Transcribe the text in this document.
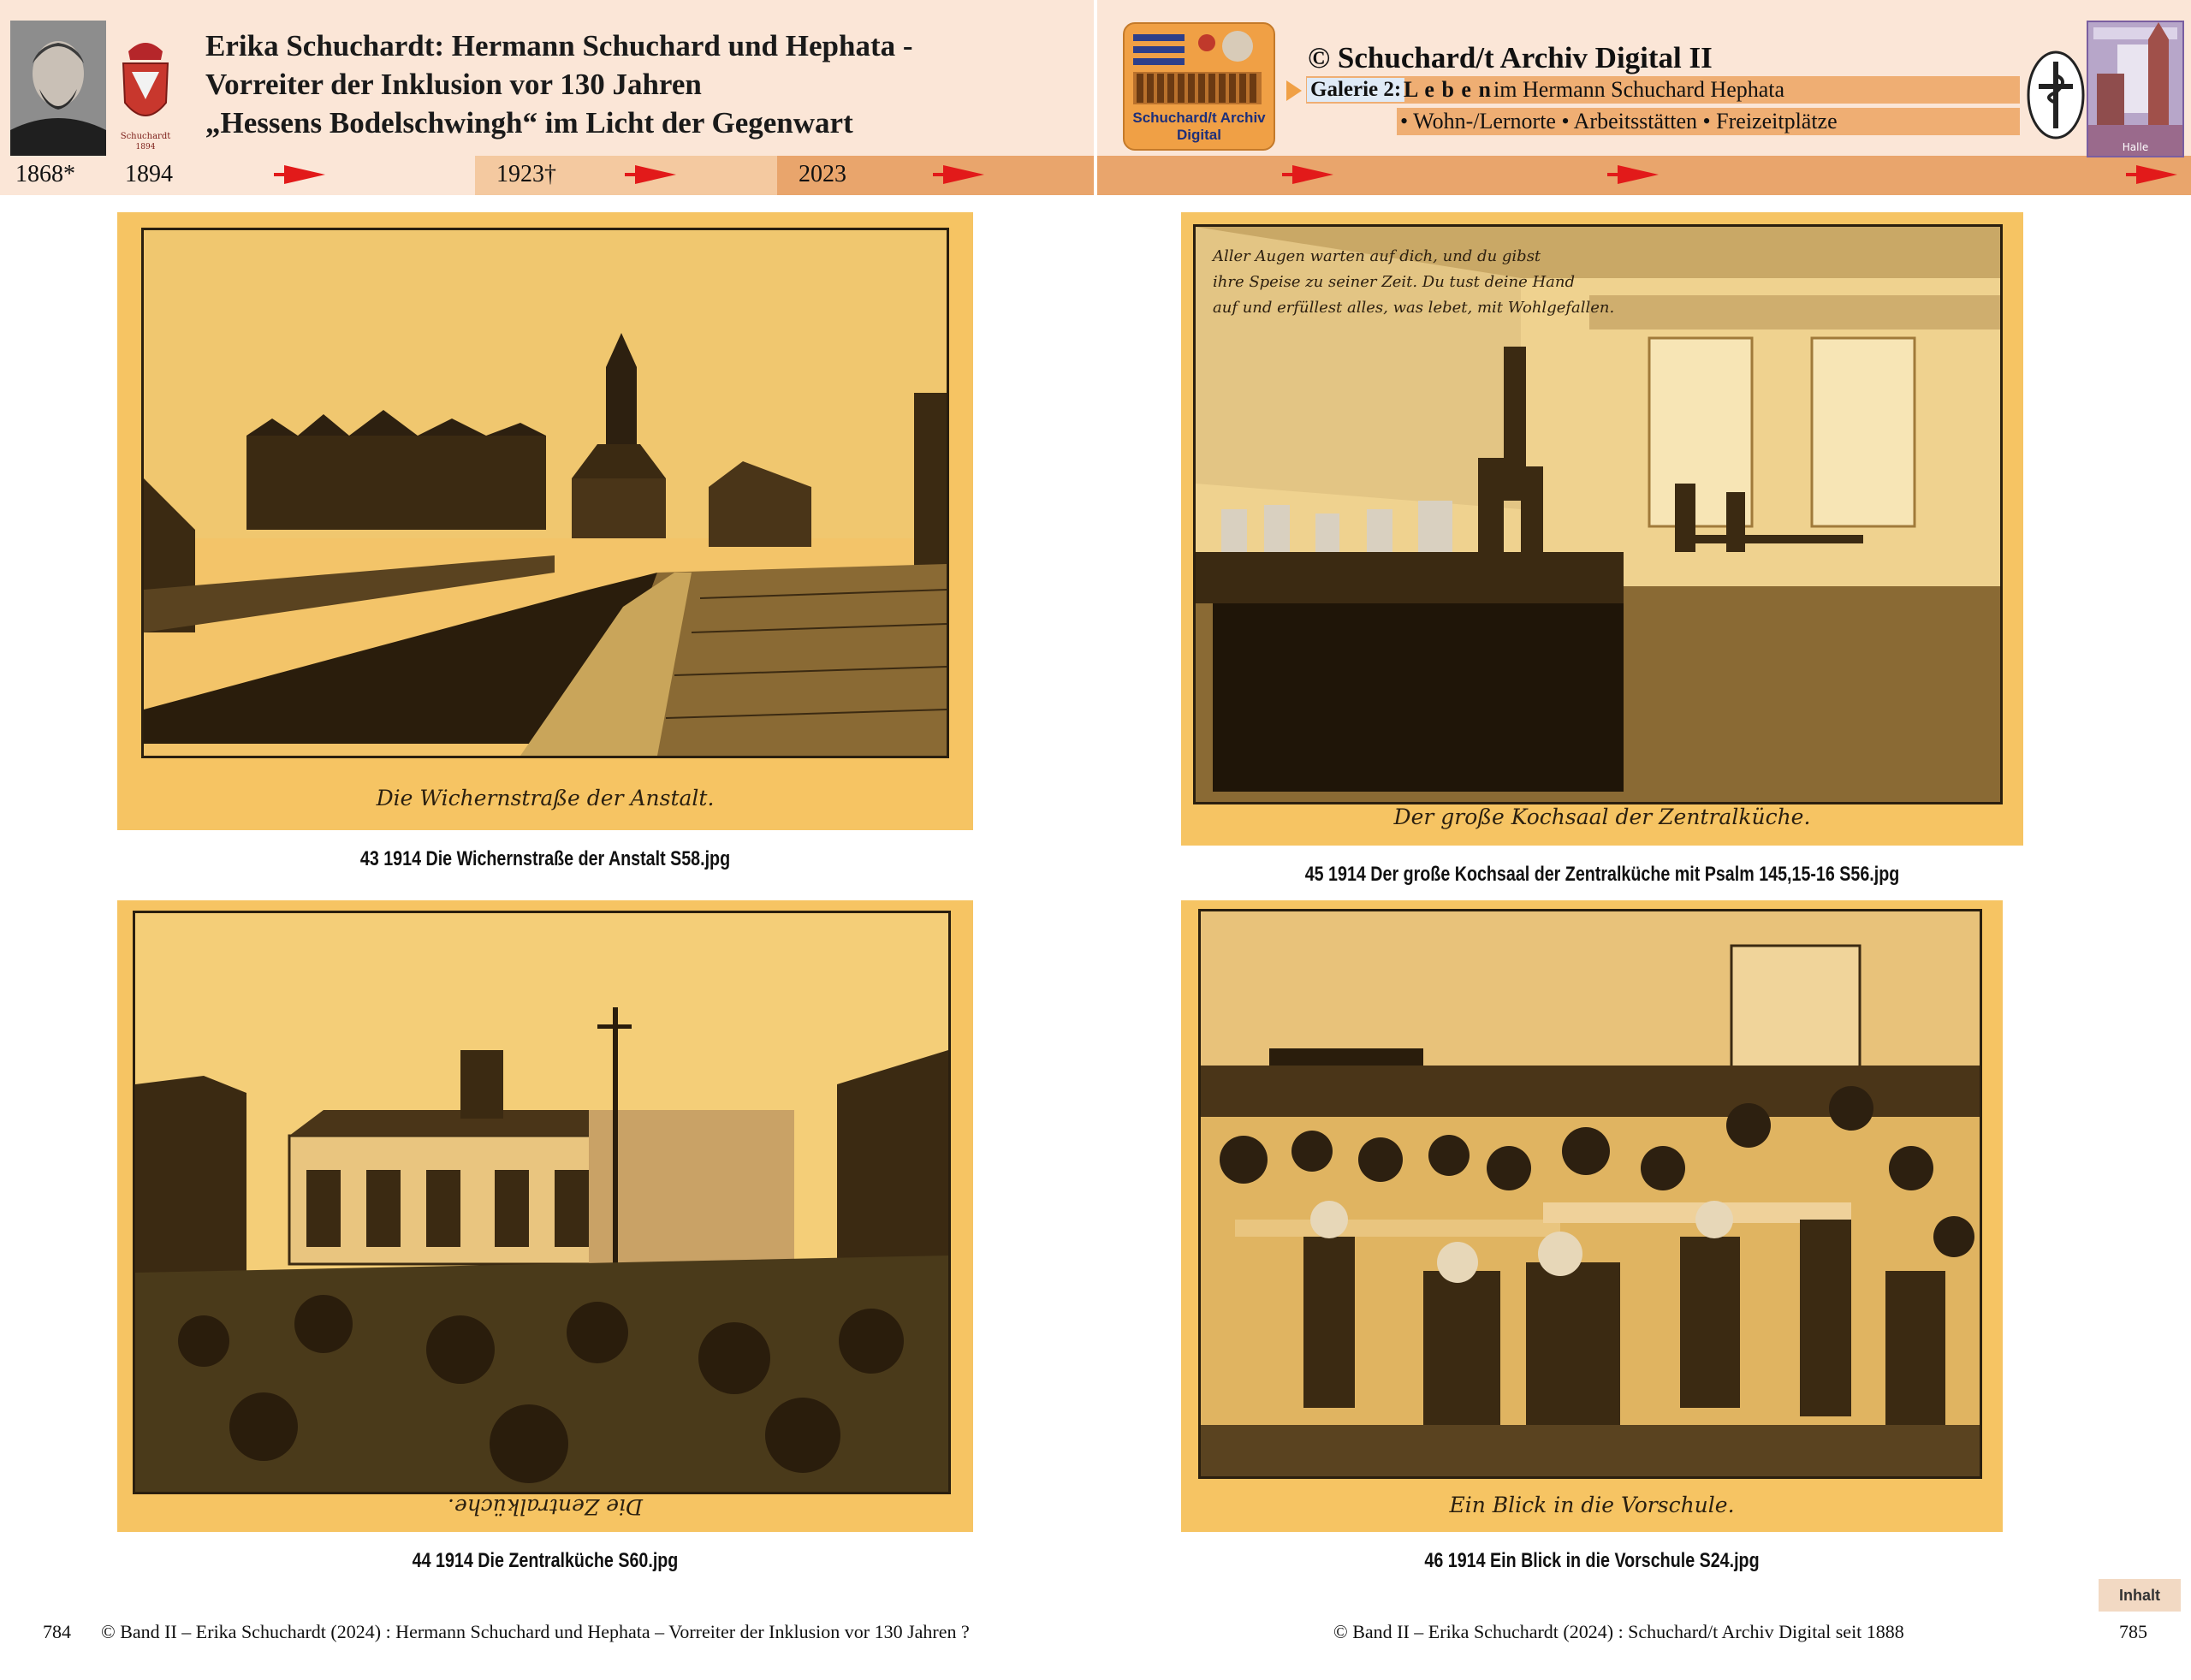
Schuchardt
1894
Erika Schuchardt: Hermann Schuchard und Hephata -
Vorreiter der Inklusion vor 130 Jahren
„Hessens Bodelschwingh“ im Licht der Gegenwart
1868* 1894	1923†	2023
Schuchard/t Archiv Digital
© Schuchard/t Archiv Digital II
Galerie 2: L e b e n im Hermann Schuchard Hephata
• Wohn-/Lernorte • Arbeitsstätten • Freizeitplätze
Halle
Die Wichernstraße der Anstalt.
43 1914 Die Wichernstraße der Anstalt S58.jpg
Aller Augen warten auf dich, und du gibst
ihre Speise zu seiner Zeit. Du tust deine Hand
auf und erfüllest alles, was lebet, mit Wohlgefallen.
Der große Kochsaal der Zentralküche.
45 1914 Der große Kochsaal der Zentralküche mit Psalm 145,15-16 S56.jpg
Die Zentralküche.
44 1914 Die Zentralküche S60.jpg
Ein Blick in die Vorschule.
46 1914 Ein Blick in die Vorschule S24.jpg
Inhalt
784 © Band II – Erika Schuchardt (2024) : Hermann Schuchard und Hephata – Vorreiter der Inklusion vor 130 Jahren ?	© Band II – Erika Schuchardt (2024) : Schuchard/t Archiv Digital seit 1888	785
